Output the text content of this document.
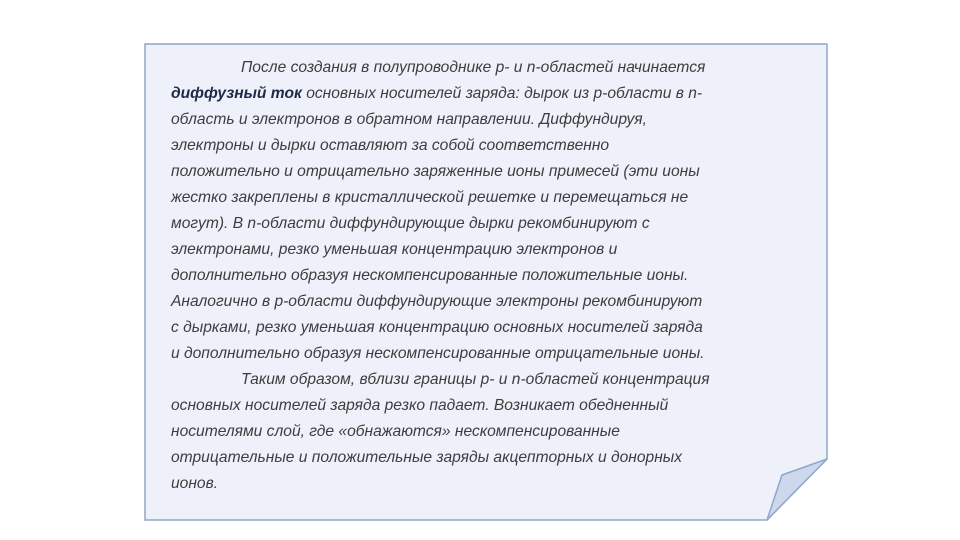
После создания в полупроводнике p- и n-областей начинается
диффузный ток основных носителей заряда: дырок из p-области в n-
область и электронов в обратном направлении. Диффундируя,
электроны и дырки оставляют за собой соответственно
положительно и отрицательно заряженные ионы примесей (эти ионы
жестко закреплены в кристаллической решетке и перемещаться не
могут). В n-области диффундирующие дырки рекомбинируют с
электронами, резко уменьшая концентрацию электронов и
дополнительно образуя нескомпенсированные положительные ионы.
Аналогично в p-области диффундирующие электроны рекомбинируют
с дырками, резко уменьшая концентрацию основных носителей заряда
и дополнительно образуя нескомпенсированные отрицательные ионы.
Таким образом, вблизи границы p- и n-областей концентрация
основных носителей заряда резко падает. Возникает обедненный
носителями слой, где «обнажаются» нескомпенсированные
отрицательные и положительные заряды акцепторных и донорных
ионов.
